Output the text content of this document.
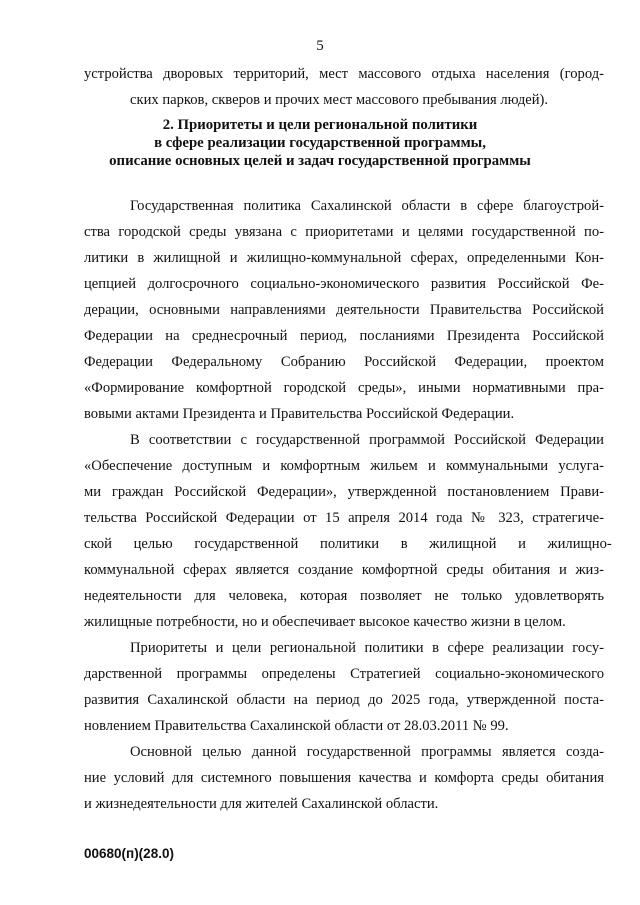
5
устройства дворовых территорий, мест массового отдыха населения (город-
ских парков, скверов и прочих мест массового пребывания людей).
2. Приоритеты и цели региональной политики
в сфере реализации государственной программы,
описание основных целей и задач государственной программы
Государственная политика Сахалинской области в сфере благоустрой-
ства городской среды увязана с приоритетами и целями государственной по-
литики в жилищной и жилищно-коммунальной сферах, определенными Кон-
цепцией долгосрочного социально-экономического развития Российской Фе-
дерации, основными направлениями деятельности Правительства Российской
Федерации на среднесрочный период, посланиями Президента Российской
Федерации Федеральному Собранию Российской Федерации, проектом
«Формирование комфортной городской среды», иными нормативными пра-
вовыми актами Президента и Правительства Российской Федерации.
В соответствии с государственной программой Российской Федерации
«Обеспечение доступным и комфортным жильем и коммунальными услуга-
ми граждан Российской Федерации», утвержденной постановлением Прави-
тельства Российской Федерации от 15 апреля 2014 года № 323, стратегиче-
ской целью государственной политики в жилищной и жилищно-
коммунальной сферах является создание комфортной среды обитания и жиз-
недеятельности для человека, которая позволяет не только удовлетворять
жилищные потребности, но и обеспечивает высокое качество жизни в целом.
Приоритеты и цели региональной политики в сфере реализации госу-
дарственной программы определены Стратегией социально-экономического
развития Сахалинской области на период до 2025 года, утвержденной поста-
новлением Правительства Сахалинской области от 28.03.2011 № 99.
Основной целью данной государственной программы является созда-
ние условий для системного повышения качества и комфорта среды обитания
и жизнедеятельности для жителей Сахалинской области.
00680(п)(28.0)
